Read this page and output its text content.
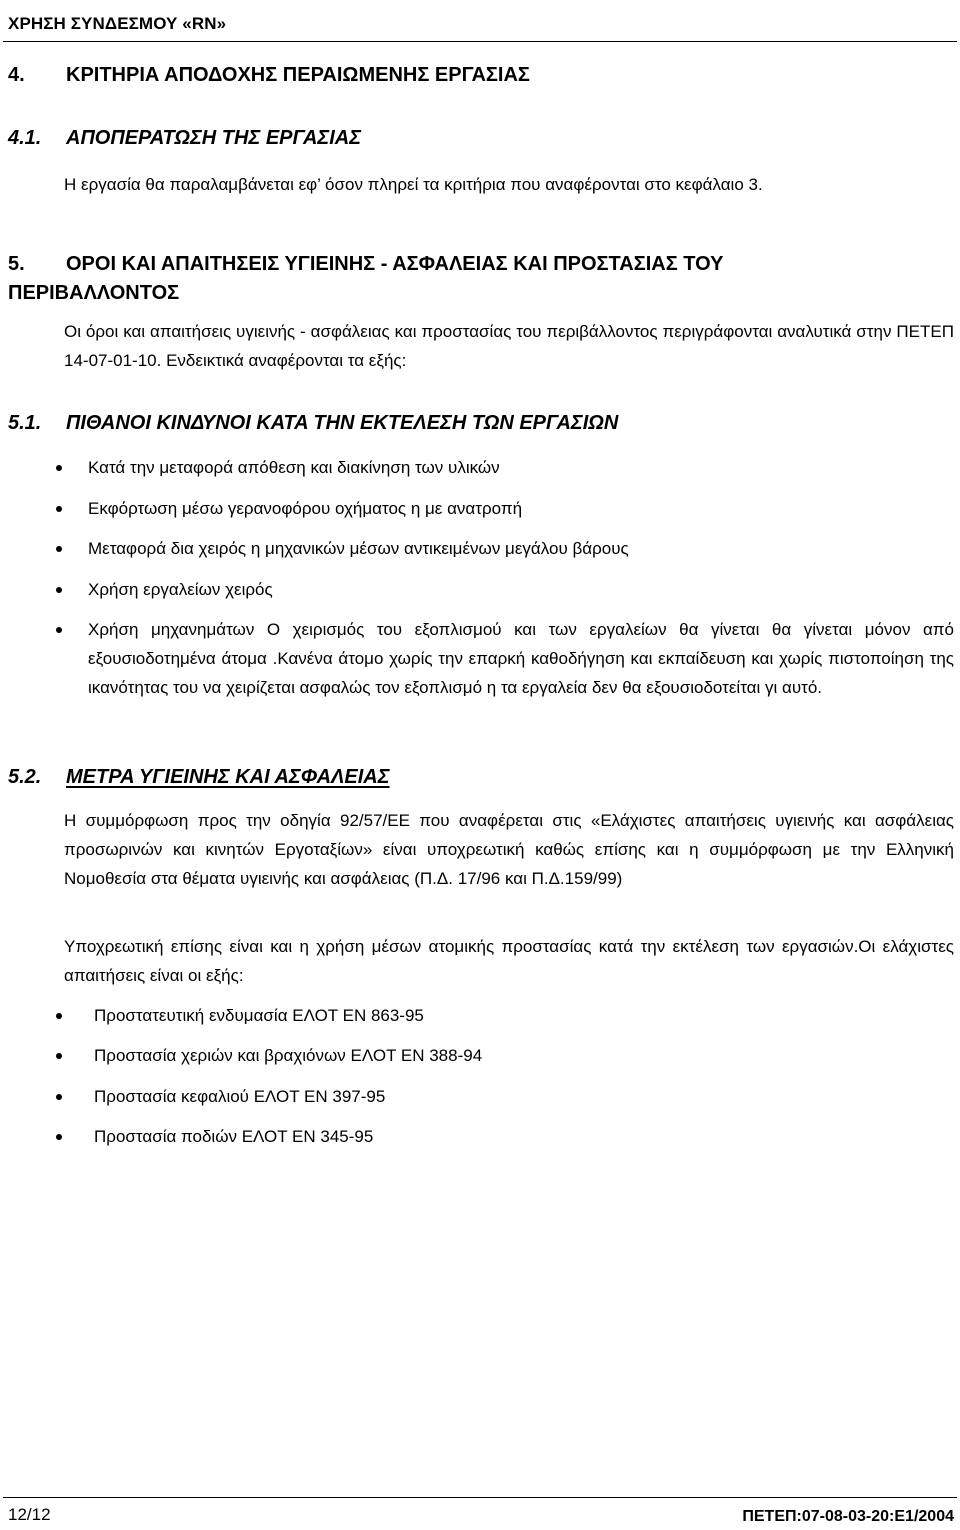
ΧΡΗΣΗ ΣΥΝΔΕΣΜΟΥ «RN»
4. ΚΡΙΤΗΡΙΑ ΑΠΟΔΟΧΗΣ ΠΕΡΑΙΩΜΕΝΗΣ ΕΡΓΑΣΙΑΣ
4.1. ΑΠΟΠΕΡΑΤΩΣΗ ΤΗΣ ΕΡΓΑΣΙΑΣ
Η εργασία θα παραλαμβάνεται εφ’ όσον πληρεί τα κριτήρια που αναφέρονται στο κεφάλαιο 3.
5. ΟΡΟΙ ΚΑΙ ΑΠΑΙΤΗΣΕΙΣ ΥΓΙΕΙΝΗΣ - ΑΣΦΑΛΕΙΑΣ ΚΑΙ ΠΡΟΣΤΑΣΙΑΣ ΤΟΥ ΠΕΡΙΒΑΛΛΟΝΤΟΣ
Οι όροι και απαιτήσεις υγιεινής - ασφάλειας και προστασίας του περιβάλλοντος περιγράφονται αναλυτικά στην ΠΕΤΕΠ 14-07-01-10. Ενδεικτικά αναφέρονται τα εξής:
5.1. ΠΙΘΑΝΟΙ ΚΙΝΔΥΝΟΙ ΚΑΤΑ ΤΗΝ ΕΚΤΕΛΕΣΗ ΤΩΝ ΕΡΓΑΣΙΩΝ
Κατά την μεταφορά απόθεση και διακίνηση των υλικών
Εκφόρτωση μέσω γερανοφόρου οχήματος η με ανατροπή
Μεταφορά δια χειρός η μηχανικών μέσων αντικειμένων μεγάλου βάρους
Χρήση εργαλείων χειρός
Χρήση μηχανημάτων Ο χειρισμός του εξοπλισμού και των εργαλείων θα γίνεται θα γίνεται μόνον από εξουσιοδοτημένα άτομα .Κανένα άτομο χωρίς την επαρκή καθοδήγηση και εκπαίδευση και χωρίς πιστοποίηση της ικανότητας του να χειρίζεται ασφαλώς τον εξοπλισμό η τα εργαλεία δεν θα εξουσιοδοτείται γι αυτό.
5.2. ΜΕΤΡΑ ΥΓΙΕΙΝΗΣ ΚΑΙ ΑΣΦΑΛΕΙΑΣ
Η συμμόρφωση προς την οδηγία 92/57/ΕΕ που αναφέρεται στις «Ελάχιστες απαιτήσεις υγιεινής και ασφάλειας προσωρινών και κινητών Εργοταξίων» είναι υποχρεωτική καθώς επίσης και η συμμόρφωση με την Ελληνική Νομοθεσία στα θέματα υγιεινής και ασφάλειας (Π.Δ. 17/96 και Π.Δ.159/99)
Υποχρεωτική επίσης είναι και η χρήση μέσων ατομικής προστασίας κατά την εκτέλεση των εργασιών.Οι ελάχιστες απαιτήσεις είναι οι εξής:
Προστατευτική ενδυμασία ΕΛΟΤ ΕΝ 863-95
Προστασία χεριών και βραχιόνων ΕΛΟΤ ΕΝ 388-94
Προστασία κεφαλιού ΕΛΟΤ ΕΝ 397-95
Προστασία ποδιών ΕΛΟΤ ΕΝ 345-95
12/12	ΠΕΤΕΠ:07-08-03-20:Ε1/2004
